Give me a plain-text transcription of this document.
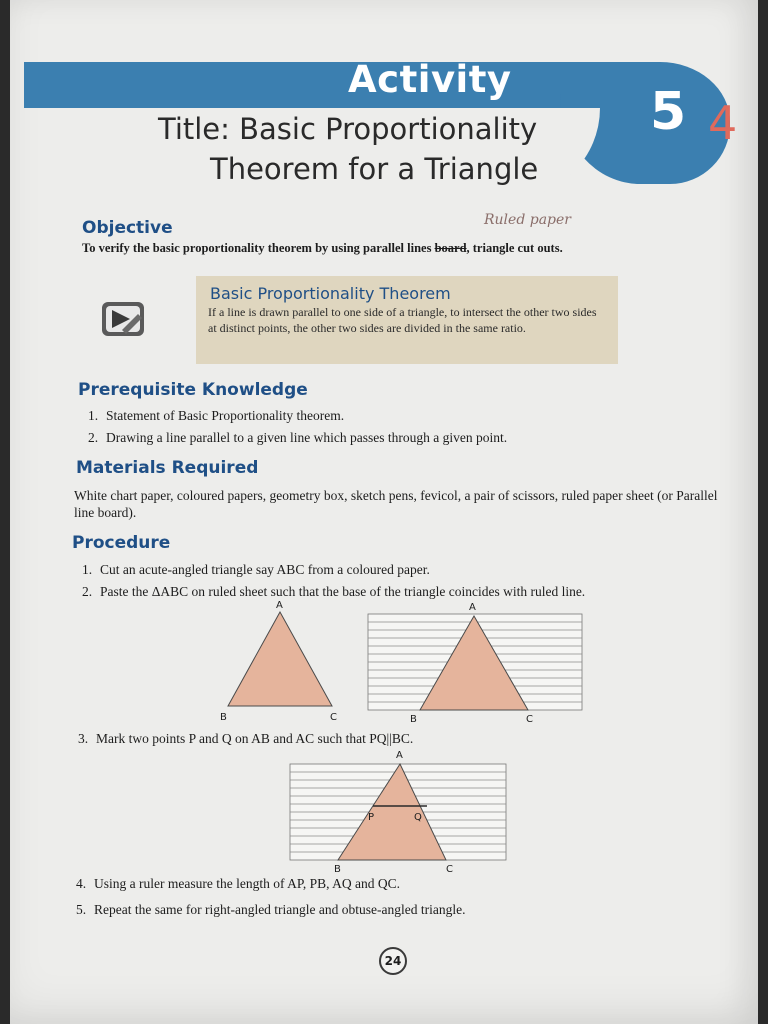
Activity
5 4
Title: Basic Proportionality
Theorem for a Triangle
Objective	Ruled paper
To verify the basic proportionality theorem by using parallel lines board, triangle cut outs.
Basic Proportionality Theorem
If a line is drawn parallel to one side of a triangle, to intersect the other two sides at distinct points, the other two sides are divided in the same ratio.
Prerequisite Knowledge
1. Statement of Basic Proportionality theorem.
2. Drawing a line parallel to a given line which passes through a given point.
Materials Required
White chart paper, coloured papers, geometry box, sketch pens, fevicol, a pair of scissors, ruled paper sheet (or Parallel line board).
Procedure
1. Cut an acute-angled triangle say ABC from a coloured paper.
2. Paste the ΔABC on ruled sheet such that the base of the triangle coincides with ruled line.
A
B	C
A
B	C
3. Mark two points P and Q on AB and AC such that PQ||BC.
A
B	C
P	Q
4. Using a ruler measure the length of AP, PB, AQ and QC.
5. Repeat the same for right-angled triangle and obtuse-angled triangle.
24
